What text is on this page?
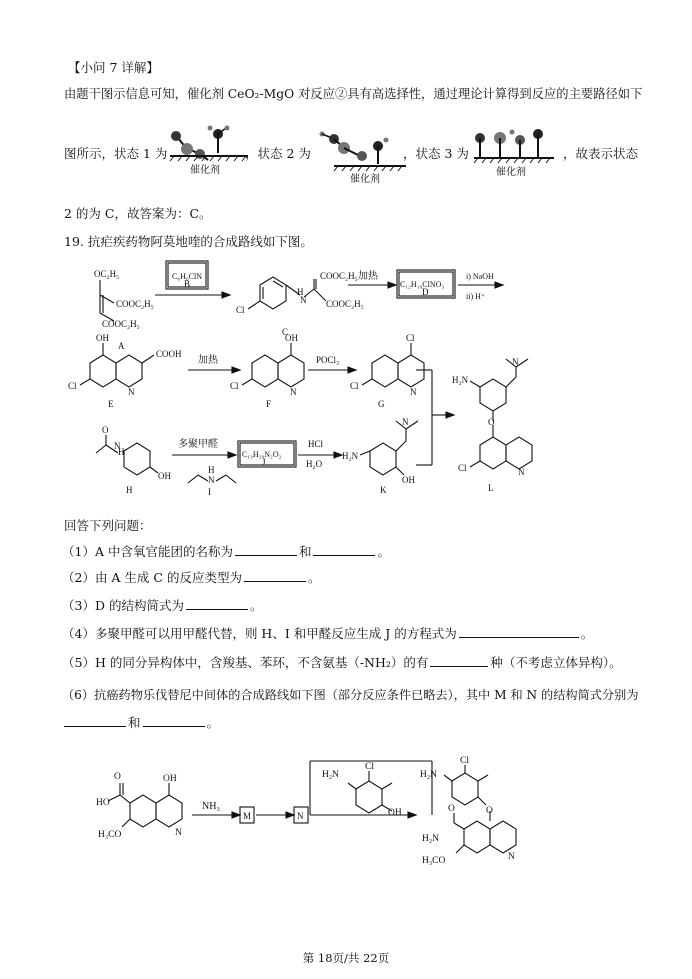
【小问 7 详解】
由题干图示信息可知，催化剂 CeO₂-MgO 对反应②具有高选择性，通过理论计算得到反应的主要路径如下
图所示，状态 1 为	，状态 2 为	，状态 3 为	，故表示状态
2 的为 C，故答案为：C。
催化剂
催化剂
催化剂
19. 抗疟疾药物阿莫地喹的合成路线如下图。
OC₂H₅
COOC₂H₅
COOC₂H₅
A
C₆H₆ClN
B
Cl
H
N
COOC₂H₅
COOC₂H₅
C
加热
C₁₂H₁₀ClNO₃
D
i) NaOH
ii) H⁺
OH
COOH
Cl
N
E
加热
OH
Cl
N
F
POCl₃
Cl
Cl
N
G
H₂N
N
O
Cl	N
L
O
H
N
OH
H
多聚甲醛
C₁₃H₂₀N₂O₂
J
H
N
I
HCl
H₂O
N
H₂N
OH
K
回答下列问题：
（1）A 中含氧官能团的名称为	和	。
（2）由 A 生成 C 的反应类型为	。
（3）D 的结构简式为	。
（4）多聚甲醛可以用甲醛代替，则 H、I 和甲醛反应生成 J 的方程式为	。
（5）H 的同分异构体中，含羧基、苯环，不含氨基（-NH₂）的有	种（不考虑立体异构）。
（6）抗癌药物乐伐替尼中间体的合成路线如下图（部分反应条件已略去），其中 M 和 N 的结构简式分别为
和	。
O
HO
OH
H₃CO	N
NH₃
M	N
H₂N
Cl
OH
H₂N
Cl
O
H₂N
O
H₃CO	N
第 18页/共 22页
